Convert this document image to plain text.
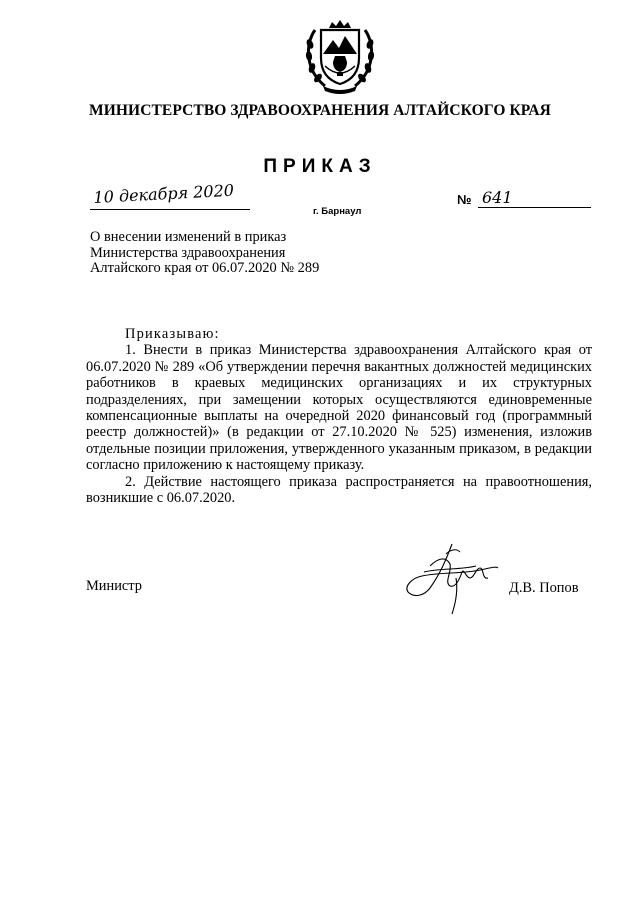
МИНИСТЕРСТВО ЗДРАВООХРАНЕНИЯ АЛТАЙСКОГО КРАЯ
ПРИКАЗ
10 декабря 2020
г. Барнаул
№ 641
О внесении изменений в приказ
Министерства здравоохранения
Алтайского края от 06.07.2020 № 289
Приказываю:
1. Внести в приказ Министерства здравоохранения Алтайского края от 06.07.2020 № 289 «Об утверждении перечня вакантных должностей медицинских работников в краевых медицинских организациях и их структурных подразделениях, при замещении которых осуществляются единовременные компенсационные выплаты на очередной 2020 финансовый год (программный реестр должностей)» (в редакции от 27.10.2020 № 525) изменения, изложив отдельные позиции приложения, утвержденного указанным приказом, в редакции согласно приложению к настоящему приказу.
2. Действие настоящего приказа распространяется на правоотношения, возникшие с 06.07.2020.
Министр	Д.В. Попов
